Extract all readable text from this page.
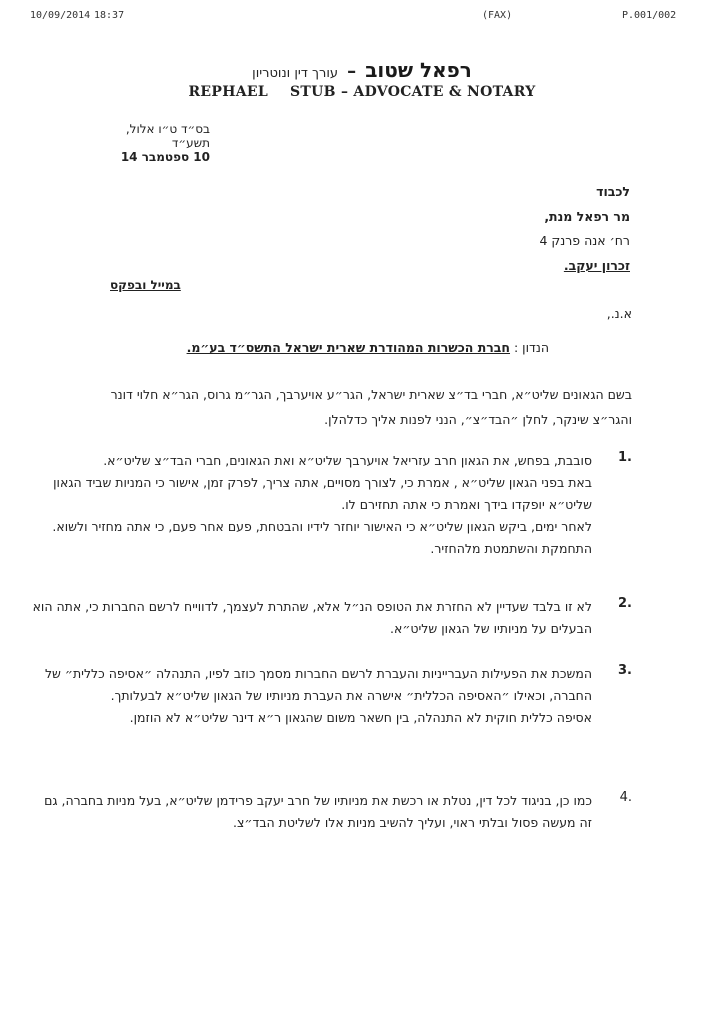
10/09/2014 18:37	(FAX)	P.001/002
רפאל שטוב – עורך דין ונוטריון
REPHAEL STUB – ADVOCATE & NOTARY
בס״ד ט״ו אלול, תשע״ד
10 ספטמבר 14
לכבוד
מר רפאל מנת,
רח׳ אנה פרנק 4
זכרון יעקב.
במייל ובפקס
א.נ.,
הנדון : חברת הכשרות המהודרת שארית ישראל התשס״ד בע״מ.
בשם הגאונים שליט״א, חברי בד״צ שארית ישראל, הגר״ע אויערבך, הגר״מ גרוס, הגר״א חלוי דונר והגר״צ שינקר, לחלן ״הבד״צ״, הנני לפנות אליך כדלהלן.
.1
סובבת, בפחש, את הגאון חרב עזריאל אויערבך שליט״א ואת הגאונים, חברי הבד״צ שליט״א.
באת בפני הגאון שליט״א , אמרת כי, לצורך מסויים, אתה צריך, לפרק זמן, אישור כי המניות שביד הגאון שליט״א יופקדו בידך ואמרת כי אתה תחזירם לו.
לאחר ימים, ביקש הגאון שליט״א כי האישור יוחזר לידיו והבטחת, פעם אחר פעם, כי אתה מחזיר ולשוא. התחמקת והשתמטת מלהחזיר.
.2
לא זו בלבד שעדיין לא החזרת את הטופס הנ״ל אלא, שהתרת לעצמך, לדווייח לרשם החברות כי, אתה הוא הבעלים על מניותיו של הגאון שליט״א.
.3
המשכת את הפעילות העברייניות והעברת לרשם החברות מסמך כוזב לפיו, התנהלה ״אסיפה כללית״ של החברה, וכאילו ״האסיפה הכללית״ אישרה את העברת מניותיו של הגאון שליט״א לבעלותך.
אסיפה כללית חוקית לא התנהלה, בין חשאר משום שהגאון ר״א דינר שליט״א לא הוזמן.
.4
כמו כן, בניגוד לכל דין, נטלת או רכשת את מניותיו של חרב יעקב פרידמן שליט״א, בעל מניות בחברה, גם זה מעשה פסול ובלתי ראוי, ועליך להשיב מניות אלו לשליטת הבד״צ.
